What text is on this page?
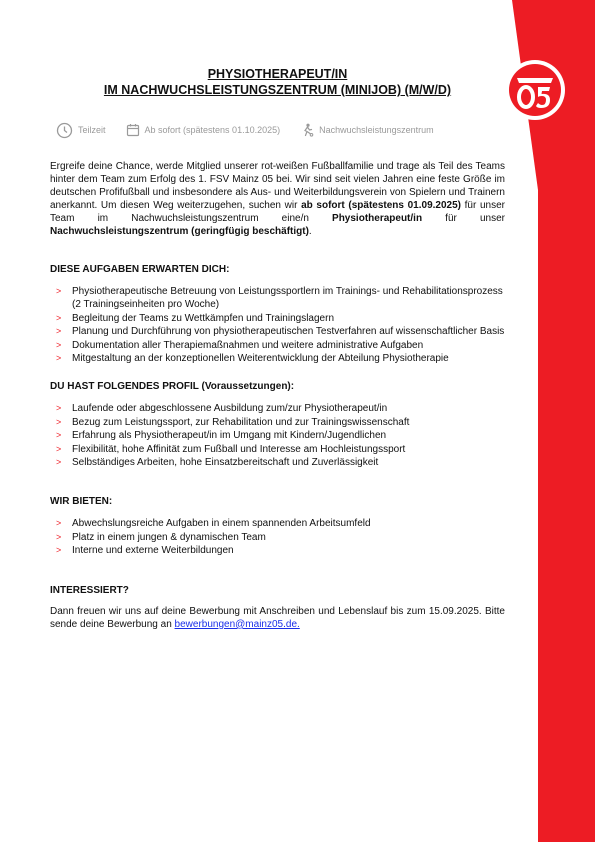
PHYSIOTHERAPEUT/IN
IM NACHWUCHSLEISTUNGSZENTRUM (MINIJOB) (M/W/D)
Teilzeit	Ab sofort (spätestens 01.10.2025)	Nachwuchsleistungszentrum

Ergreife deine Chance, werde Mitglied unserer rot-weißen Fußballfamilie und trage als Teil des Teams hinter dem Team zum Erfolg des 1. FSV Mainz 05 bei. Wir sind seit vielen Jahren eine feste Größe im deutschen Profifußball und insbesondere als Aus- und Weiterbildungsverein von Spielern und Trainern anerkannt. Um diesen Weg weiterzugehen, suchen wir ab sofort (spätestens 01.09.2025) für unser Team im Nachwuchsleistungszentrum eine/n Physiotherapeut/in für unser Nachwuchsleistungszentrum (geringfügig beschäftigt).

DIESE AUFGABEN ERWARTEN DICH:
> Physiotherapeutische Betreuung von Leistungssportlern im Trainings- und Rehabilitationsprozess (2 Trainingseinheiten pro Woche)
> Begleitung der Teams zu Wettkämpfen und Trainingslagern
> Planung und Durchführung von physiotherapeutischen Testverfahren auf wissenschaftlicher Basis
> Dokumentation aller Therapiemaßnahmen und weitere administrative Aufgaben
> Mitgestaltung an der konzeptionellen Weiterentwicklung der Abteilung Physiotherapie
DU HAST FOLGENDES PROFIL (Voraussetzungen):
> Laufende oder abgeschlossene Ausbildung zum/zur Physiotherapeut/in
> Bezug zum Leistungssport, zur Rehabilitation und zur Trainingswissenschaft
> Erfahrung als Physiotherapeut/in im Umgang mit Kindern/Jugendlichen
> Flexibilität, hohe Affinität zum Fußball und Interesse am Hochleistungssport
> Selbständiges Arbeiten, hohe Einsatzbereitschaft und Zuverlässigkeit
WIR BIETEN:
> Abwechslungsreiche Aufgaben in einem spannenden Arbeitsumfeld
> Platz in einem jungen & dynamischen Team
> Interne und externe Weiterbildungen
INTERESSIERT?

Dann freuen wir uns auf deine Bewerbung mit Anschreiben und Lebenslauf bis zum 15.09.2025. Bitte sende deine Bewerbung an bewerbungen@mainz05.de.
